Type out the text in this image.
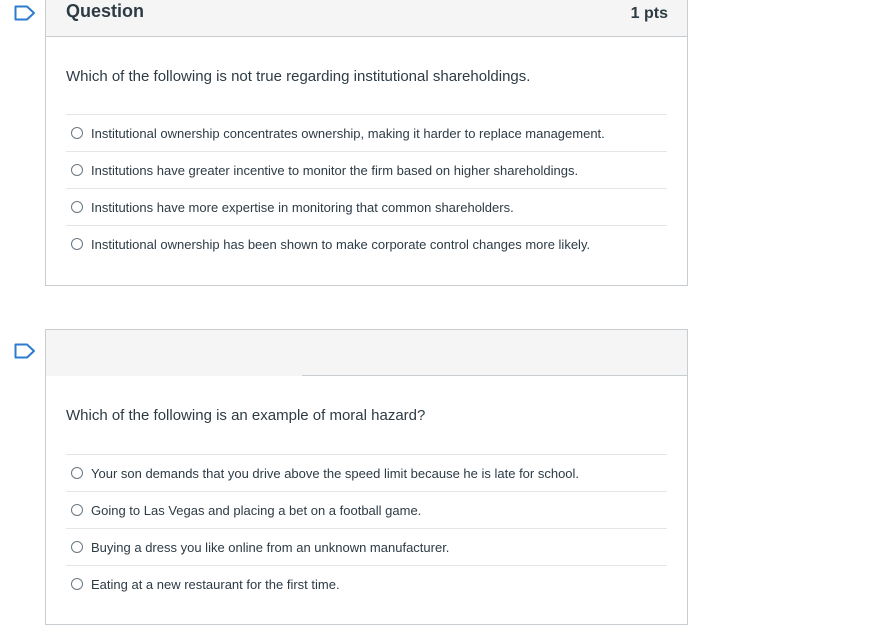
Question	1 pts

Which of the following is not true regarding institutional shareholdings.

Institutional ownership concentrates ownership, making it harder to replace management.
Institutions have greater incentive to monitor the firm based on higher shareholdings.
Institutions have more expertise in monitoring that common shareholders.
Institutional ownership has been shown to make corporate control changes more likely.

Which of the following is an example of moral hazard?

Your son demands that you drive above the speed limit because he is late for school.
Going to Las Vegas and placing a bet on a football game.
Buying a dress you like online from an unknown manufacturer.
Eating at a new restaurant for the first time.
